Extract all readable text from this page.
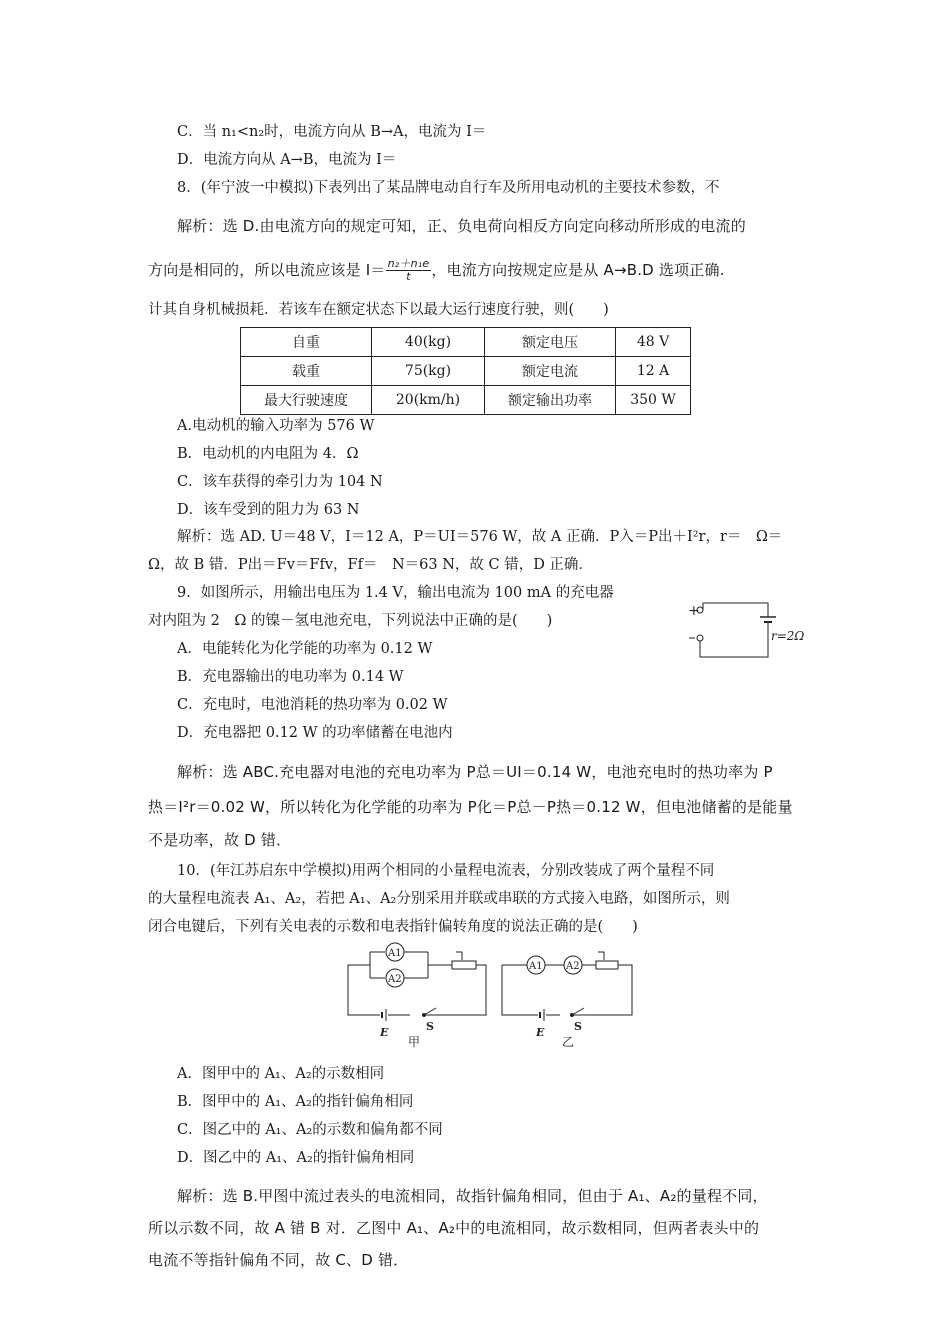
C．当 n₁<n₂时，电流方向从 B→A，电流为 I＝
D．电流方向从 A→B，电流为 I＝
8．(年宁波一中模拟)下表列出了某品牌电动自行车及所用电动机的主要技术参数，不
解析：选 D.由电流方向的规定可知，正、负电荷向相反方向定向移动所形成的电流的
方向是相同的，所以电流应该是 $I= \frac{\text{n₂＋n₁e}}{t}$ ，电流方向按规定应是从 A→B.D 选项正确.
计其自身机械损耗．若该车在额定状态下以最大运行速度行驶，则(　　)
自重	40(kg)	额定电压	48 V
载重	75(kg)	额定电流	12 A
最大行驶速度	20(km/h)	额定输出功率	350 W
A.电动机的输入功率为 576 W
B．电动机的内电阻为 4．Ω
C．该车获得的牵引力为 104 N
D．该车受到的阻力为 63 N
解析：选 AD. U＝48 V，I＝12 A，P＝UI＝576 W，故 A 正确．P入＝P出＋I²r，r＝　Ω＝
Ω，故 B 错．P出＝Fv＝Ffv，Ff＝　N＝63 N，故 C 错，D 正确．
9．如图所示，用输出电压为 1.4 V，输出电流为 100 mA 的充电器
对内阻为 2　Ω 的镍－氢电池充电，下列说法中正确的是(　　)
A．电能转化为化学能的功率为 0.12 W
B．充电器输出的电功率为 0.14 W
C．充电时，电池消耗的热功率为 0.02 W
D．充电器把 0.12 W 的功率储蓄在电池内
+
r=2Ω
解析：选 ABC.充电器对电池的充电功率为 P总＝UI＝0.14 W，电池充电时的热功率为 P
热＝I²r＝0.02 W，所以转化为化学能的功率为 P化＝P总－P热＝0.12 W，但电池储蓄的是能量
不是功率，故 D 错．
10．(年江苏启东中学模拟)用两个相同的小量程电流表，分别改装成了两个量程不同
的大量程电流表 A₁、A₂，若把 A₁、A₂分别采用并联或串联的方式接入电路，如图所示，则
闭合电键后，下列有关电表的示数和电表指针偏转角度的说法正确的是(　　)
A1
A2
E	S
甲
A1 A2
E	S
乙
A．图甲中的 A₁、A₂的示数相同
B．图甲中的 A₁、A₂的指针偏角相同
C．图乙中的 A₁、A₂的示数和偏角都不同
D．图乙中的 A₁、A₂的指针偏角相同
解析：选 B.甲图中流过表头的电流相同，故指针偏角相同，但由于 A₁、A₂的量程不同，
所以示数不同，故 A 错 B 对．乙图中 A₁、A₂中的电流相同，故示数相同，但两者表头中的
电流不等指针偏角不同，故 C、D 错．
